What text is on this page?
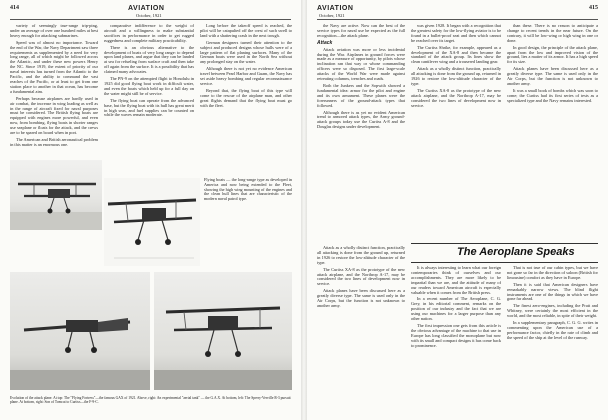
414	AVIATION
October, 1921

variety of seemingly true-range trip-ping, under an average of over one hundred miles at best heavy enough for attacking submarines.

Speed was of almost no importance. Toward the end of the War, the Navy Department saw three requirements as supplemented by a need for very long range, all of which might be followed across the Atlantic, and under these new powers Henry the NC. Since 1919, the extent of priority of our naval interests has turned from the Atlantic to the Pacific, and the ability to command the vast reaches of the Pacific, or at least to get from one station place to another in that ocean, has become a fundamental aim.

Perhaps because airplanes are hardly used in air combat, the increase in wing loading as well as in the range of aircraft fixed for naval purposes must be considered. The British flying boats are equipped with engines more powerful, and even now, from bombing, flying boats in shorter ranges use seaplane or floats for the attack, and the crews are to be spared on board when in port.

The American and British aeronautical problem in this matter is an enormous one.

comparative indifference to the weight of aircraft and a willingness to make substantial sacrifices in performance in order to get rugged ruggedness and complete military practicability.

There is an obvious alternative to the development of boats of very long range: to depend upon land planes, and argue that they can be landed at sea for refueling from surface craft and then take off again from the surface. It is a possibility that has claimed many advocates.

The PN-9 on the attempted flight to Honolulu in 1925 did good flying boat work in difficult water, and even the boats which held up for a full day on the water might still be of service.

The flying boat can operate from the advanced base, but the flying boat with its hull has great merit in high seas, and fuel supplies can be counted on while the waves remain moderate.

Long before the takeoff speed is reached, the pilot will be catapulted off the crest of such swell to land with a shattering crash in the next trough.

German designers turned their attention to the subject and produced designs whose hulls were of a large pattern of flat planing surfaces. Many of the German boats were used in the North Sea without any prolonged stay on the water.

Although there is not yet no evidence American travel between Pearl Harbor and Guam, the Navy has set aside heavy bombing and regular reconnaissance service.

Beyond that, the flying boat of this type will come to the rescue of the airplane man, and other great flights demand that the flying boat must go with the fleet.

Flying boats — the long-range type as developed in America and now being extended to the Fleet, showing the high wing mounting of the engines and the clean hull lines that are characteristic of the modern naval patrol type.
Evolution of the attack plane. At top: The "Flying Fortress"—the famous GAX of 1921. Above, right: An experimental "aerial tank" — the G.A.X. At bottom, left: The Sperry-Verville R-3 pursuit plane. At bottom, right: Son of Tomcat to Curtiss—the F-9-C.
AVIATION
October, 1921
415

the Navy are active. Now can the best of the service types for naval use be expected as the full recognition—the attack plane.

Attack

Attack aviation was more or less incidental during the War. Airplanes in ground forces were made as a measure of opportunity, by pilots whose inclination ran that way or whose commanding officers were so disposed. The first large-scale attacks of the World War were made against retreating columns, trenches and roads.

Both the Junkers and the Sopwith showed a fundamental idea: armor for the pilot and engine and its own armament. These planes were the forerunners of the ground-attack types that followed.

Although there is as yet no evident American trend to armored attack types, the Army ground-attack groups today use the Curtiss A-8 and the Douglas designs under development.

was given 1928. It began with a recognition that the greatest safety for the low-flying aviator is to be found in a bullet-proof seat and then which cannot be reached over its target.

The Curtiss Shrike, for example, appeared as a development of the XA-8 and then became the standard of the attack group. Its lines show the clean cantilever wing and a trousered landing gear.

Attack as a wholly distinct function, practically all attacking is done from the ground up, returned in 1926 to restore the low-altitude character of the type.

The Curtiss XA-8 as the prototype of the new attack airplane, and the Northrop A-17, may be considered the two lines of development now in service.

than these. There is no reason to anticipate a change to recent trends in the near future. On the contrary, it will be low-wing or high wing in one or done.

In good design, the principle of the attack plane, apart from the low and improved vision of the ground, lies a matter of its armor. It has a high speed for its size.

Attack planes have been discussed here as a greatly diverse type. The same is used only in the Air Corps, but the function is not unknown to another army.

It was a small book of bombs which was soon to come; the Curtiss had its first series of tests as a specialized type and the Navy remains interested.

The Aeroplane Speaks

It is always interesting to learn what our foreign contemporaries think of ourselves and our accomplishments. They are more likely to be impartial than we are, and the attitude of many of our readers toward American aircraft is especially valuable when it comes from the British press.

In a recent number of The Aeroplane, C. G. Grey, in his editorial comment, remarks on the position of our industry and the fact that we are using our machines for a larger purpose than any other nation.

The first impression one gets from this article is the obvious advantage of the machine to that use in Europe has long classified the monoplane but now with its small and compact designs it has come back to prominence.

That is not true of our cabin types, but we have not gone so far in the direction of saloon (British for limousine) comfort as they have in Europe.

Then it is said that American designers have remarkably narrow views. The blind flight instruments are one of the things in which we have gone far ahead.

The finest aero-engines, including the Pratt and Whitney, were certainly the most efficient in the world, and the most reliable, in spite of their weight.

In a supplementary paragraph, C. G. G. writes in commenting upon the American use of a performance factor, chiefly in the rate of climb and the speed of the ship at the level of the runway.

Attack as a wholly distinct function, practically all attacking is done from the ground up, returned in 1926 to restore the low-altitude character of the type.

The Curtiss XA-8 as the prototype of the new attack airplane, and the Northrop A-17, may be considered the two lines of development now in service.

Attack planes have been discussed here as a greatly diverse type. The same is used only in the Air Corps, but the function is not unknown to another army.
